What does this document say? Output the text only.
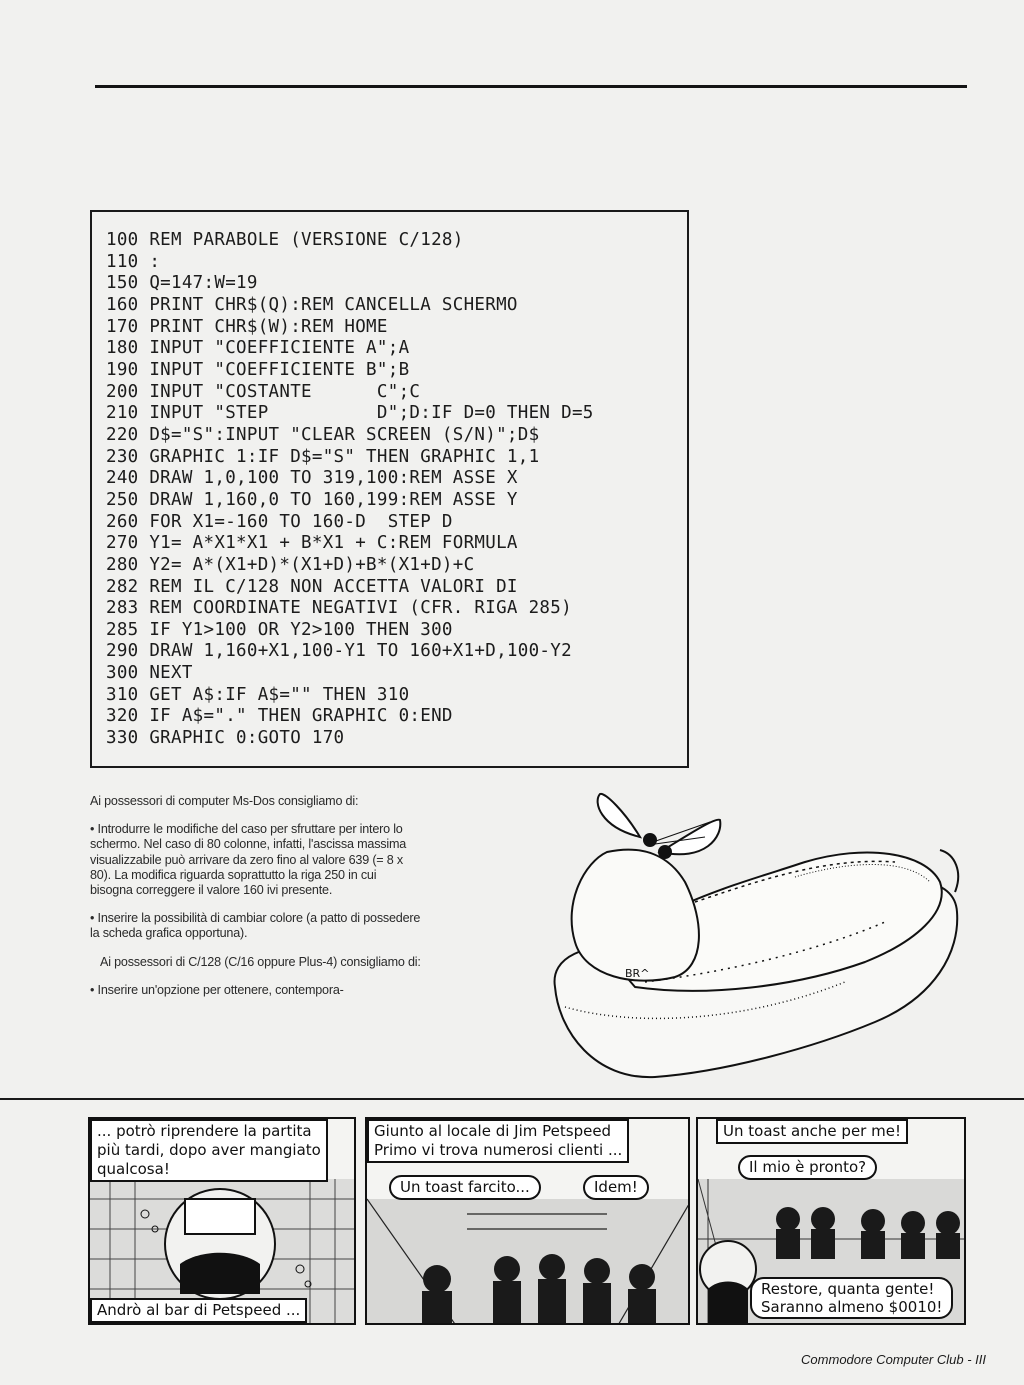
100 REM PARABOLE (VERSIONE C/128)
110 :
150 Q=147:W=19
160 PRINT CHR$(Q):REM CANCELLA SCHERMO
170 PRINT CHR$(W):REM HOME
180 INPUT "COEFFICIENTE A";A
190 INPUT "COEFFICIENTE B";B
200 INPUT "COSTANTE      C";C
210 INPUT "STEP          D";D:IF D=0 THEN D=5
220 D$="S":INPUT "CLEAR SCREEN (S/N)";D$
230 GRAPHIC 1:IF D$="S" THEN GRAPHIC 1,1
240 DRAW 1,0,100 TO 319,100:REM ASSE X
250 DRAW 1,160,0 TO 160,199:REM ASSE Y
260 FOR X1=-160 TO 160-D  STEP D
270 Y1= A*X1*X1 + B*X1 + C:REM FORMULA
280 Y2= A*(X1+D)*(X1+D)+B*(X1+D)+C
282 REM IL C/128 NON ACCETTA VALORI DI
283 REM COORDINATE NEGATIVI (CFR. RIGA 285)
285 IF Y1>100 OR Y2>100 THEN 300
290 DRAW 1,160+X1,100-Y1 TO 160+X1+D,100-Y2
300 NEXT
310 GET A$:IF A$="" THEN 310
320 IF A$="." THEN GRAPHIC 0:END
330 GRAPHIC 0:GOTO 170

Ai possessori di computer Ms-Dos consigliamo di:

• Introdurre le modifiche del caso per sfruttare per intero lo schermo. Nel caso di 80 colonne, infatti, l'ascissa massima visualizzabile può arrivare da zero fino al valore 639 (= 8 x 80). La modifica riguarda soprattutto la riga 250 in cui bisogna correggere il valore 160 ivi presente.

• Inserire la possibilità di cambiar colore (a patto di possedere la scheda grafica opportuna).

Ai possessori di C/128 (C/16 oppure Plus-4) consigliamo di:

• Inserire un'opzione per ottenere, contempora-

BR^
... potrò riprendere la partita
più tardi, dopo aver mangiato
qualcosa!
Andrò al bar di Petspeed ...
Giunto al locale di Jim Petspeed
Primo vi trova numerosi clienti ...
Un toast farcito...	Idem!
Un toast anche per me!
Il mio è pronto?
Restore, quanta gente!
Saranno almeno $0010!
Commodore Computer Club - III
